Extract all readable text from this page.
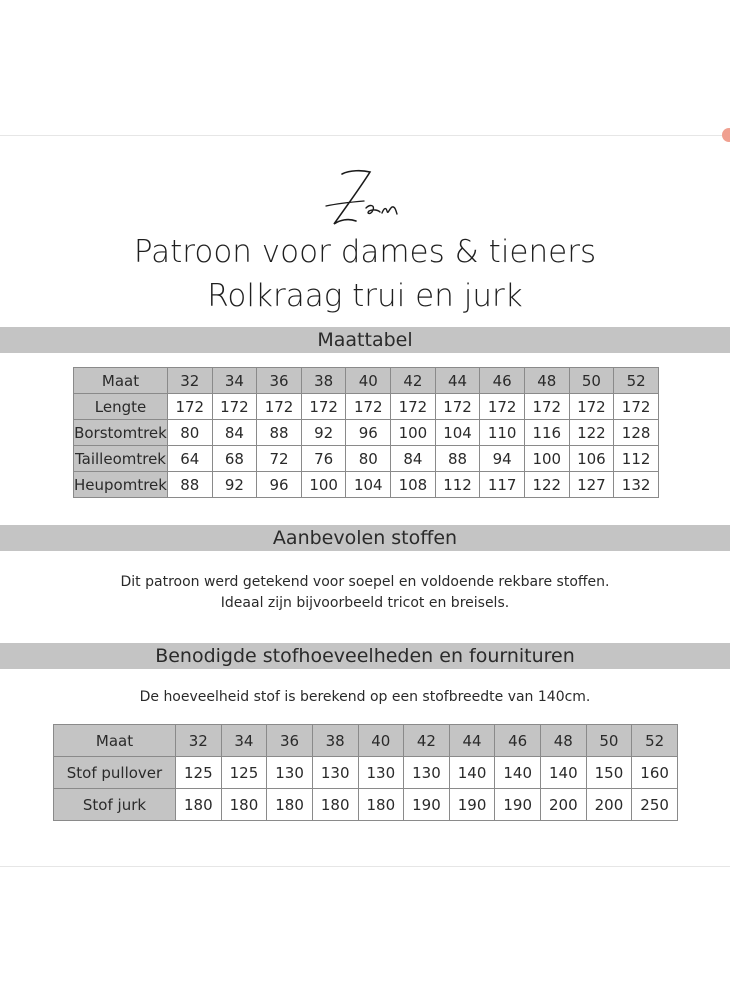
Patroon voor dames & tieners
Rolkraag trui en jurk
Maattabel
Maat	32	34	36	38	40	42	44	46	48	50	52
Lengte	172	172	172	172	172	172	172	172	172	172	172
Borstomtrek	80	84	88	92	96	100	104	110	116	122	128
Tailleomtrek	64	68	72	76	80	84	88	94	100	106	112
Heupomtrek	88	92	96	100	104	108	112	117	122	127	132
Aanbevolen stoffen
Dit patroon werd getekend voor soepel en voldoende rekbare stoffen.
Ideaal zijn bijvoorbeeld tricot en breisels.
Benodigde stofhoeveelheden en fournituren
De hoeveelheid stof is berekend op een stofbreedte van 140cm.
Maat	32	34	36	38	40	42	44	46	48	50	52
Stof pullover	125	125	130	130	130	130	140	140	140	150	160
Stof jurk	180	180	180	180	180	190	190	190	200	200	250
